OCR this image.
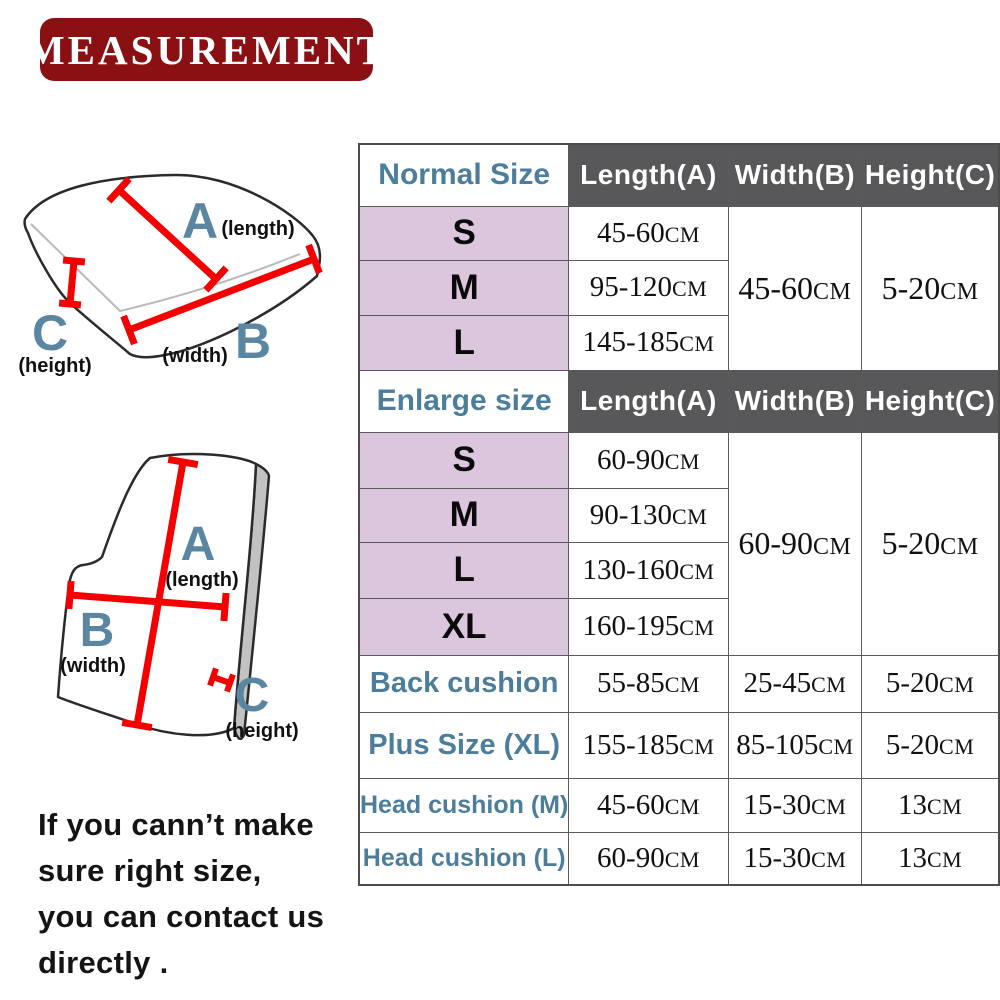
MEASUREMENT
A (length)
C
(height)	B
(width)
A
(length)
B
(width)
C
(height)
If you cann’t make
sure right size,
you can contact us
directly .
Normal Size	Length(A)	Width(B)	Height(C)
S	45-60CM	45-60CM	5-20CM
M	95-120CM		
L	145-185CM		
Enlarge size	Length(A)	Width(B)	Height(C)
S	60-90CM	60-90CM	5-20CM
M	90-130CM		
L	130-160CM		
XL	160-195CM		
Back cushion	55-85CM	25-45CM	5-20CM
Plus Size (XL)	155-185CM	85-105CM	5-20CM
Head cushion (M)	45-60CM	15-30CM	13CM
Head cushion (L)	60-90CM	15-30CM	13CM
